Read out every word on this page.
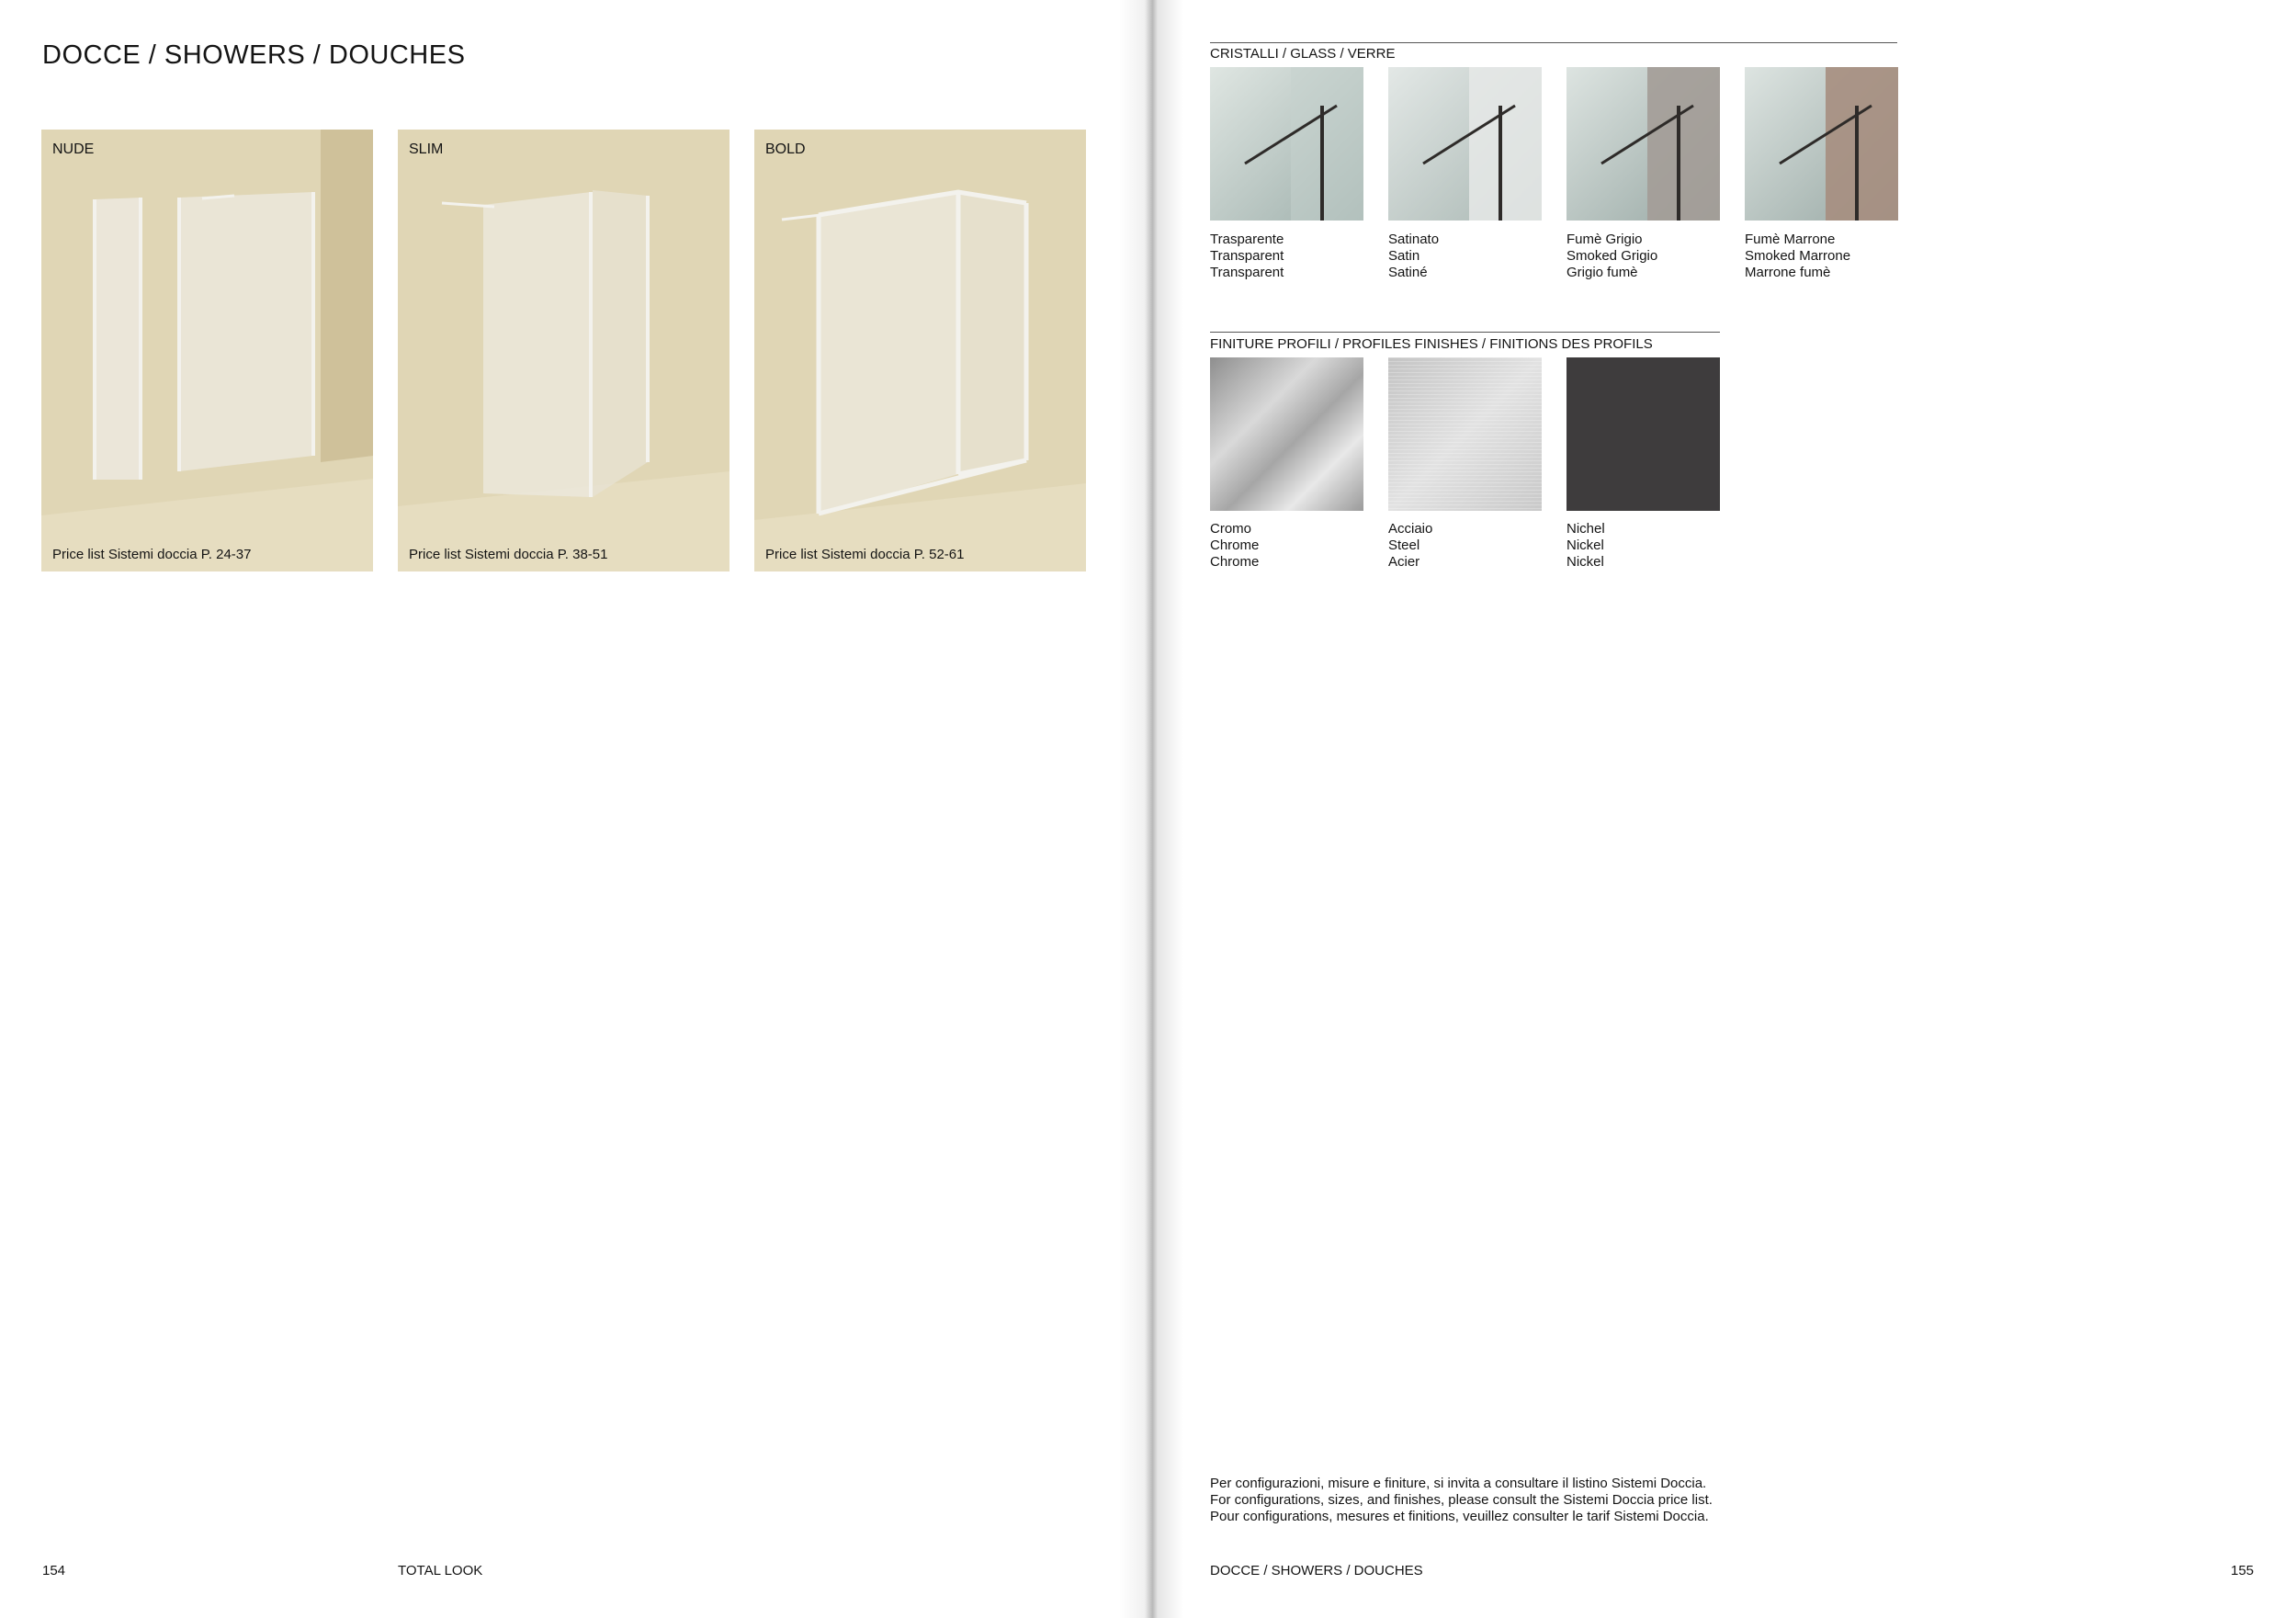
DOCCE / SHOWERS / DOUCHES
NUDE
Price list Sistemi doccia P. 24-37
SLIM
Price list Sistemi doccia P. 38-51
BOLD
Price list Sistemi doccia P. 52-61
154	TOTAL LOOK
CRISTALLI / GLASS / VERRE
Trasparente
Transparent
Transparent
Satinato
Satin
Satiné
Fumè Grigio
Smoked Grigio
Grigio fumè
Fumè Marrone
Smoked Marrone
Marrone fumè
FINITURE PROFILI / PROFILES FINISHES / FINITIONS DES PROFILS
Cromo
Chrome
Chrome
Acciaio
Steel
Acier
Nichel
Nickel
Nickel
Per configurazioni, misure e finiture, si invita a consultare il listino Sistemi Doccia.
For configurations, sizes, and finishes, please consult the Sistemi Doccia price list.
Pour configurations, mesures et finitions, veuillez consulter le tarif Sistemi Doccia.
DOCCE / SHOWERS / DOUCHES	155
